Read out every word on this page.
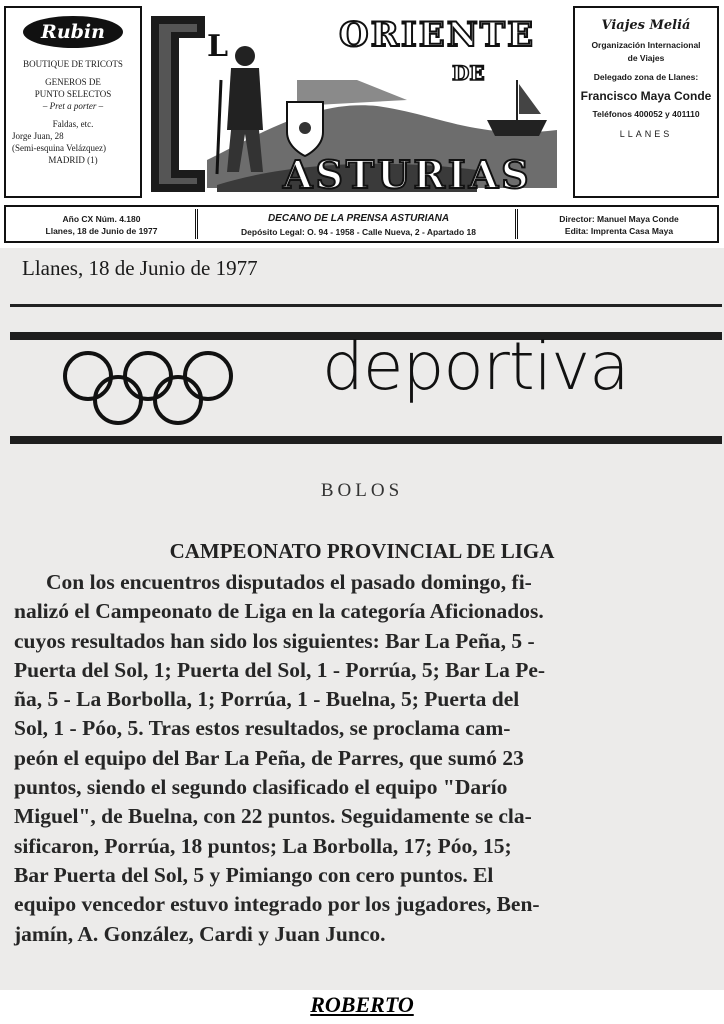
Rubin
BOUTIQUE DE TRICOTS
GENEROS DE
PUNTO SELECTOS
– Pret a porter –
Faldas, etc.
Jorge Juan, 28
(Semi-esquina Velázquez)
MADRID (1)
L	ORIENTE
DE
ASTURIAS
Viajes Meliá
Organización Internacional
de Viajes
Delegado zona de Llanes:
Francisco Maya Conde
Teléfonos 400052 y 401110
LLANES
Año CX Núm. 4.180
Llanes, 18 de Junio de 1977
DECANO DE LA PRENSA ASTURIANA
Depósito Legal: O. 94 - 1958 - Calle Nueva, 2 - Apartado 18
Director: Manuel Maya Conde
Edita: Imprenta Casa Maya
Llanes, 18 de Junio de 1977
deportiva
BOLOS
CAMPEONATO PROVINCIAL DE LIGA
Con los encuentros disputados el pasado domingo, fi-
nalizó el Campeonato de Liga en la categoría Aficionados.
cuyos resultados han sido los siguientes: Bar La Peña, 5 -
Puerta del Sol, 1; Puerta del Sol, 1 - Porrúa, 5; Bar La Pe-
ña, 5 - La Borbolla, 1; Porrúa, 1 - Buelna, 5; Puerta del
Sol, 1 - Póo, 5. Tras estos resultados, se proclama cam-
peón el equipo del Bar La Peña, de Parres, que sumó 23
puntos, siendo el segundo clasificado el equipo "Darío
Miguel", de Buelna, con 22 puntos. Seguidamente se cla-
sificaron, Porrúa, 18 puntos; La Borbolla, 17; Póo, 15;
Bar Puerta del Sol, 5 y Pimiango con cero puntos. El
equipo vencedor estuvo integrado por los jugadores, Ben-
jamín, A. González, Cardi y Juan Junco.
ROBERTO
